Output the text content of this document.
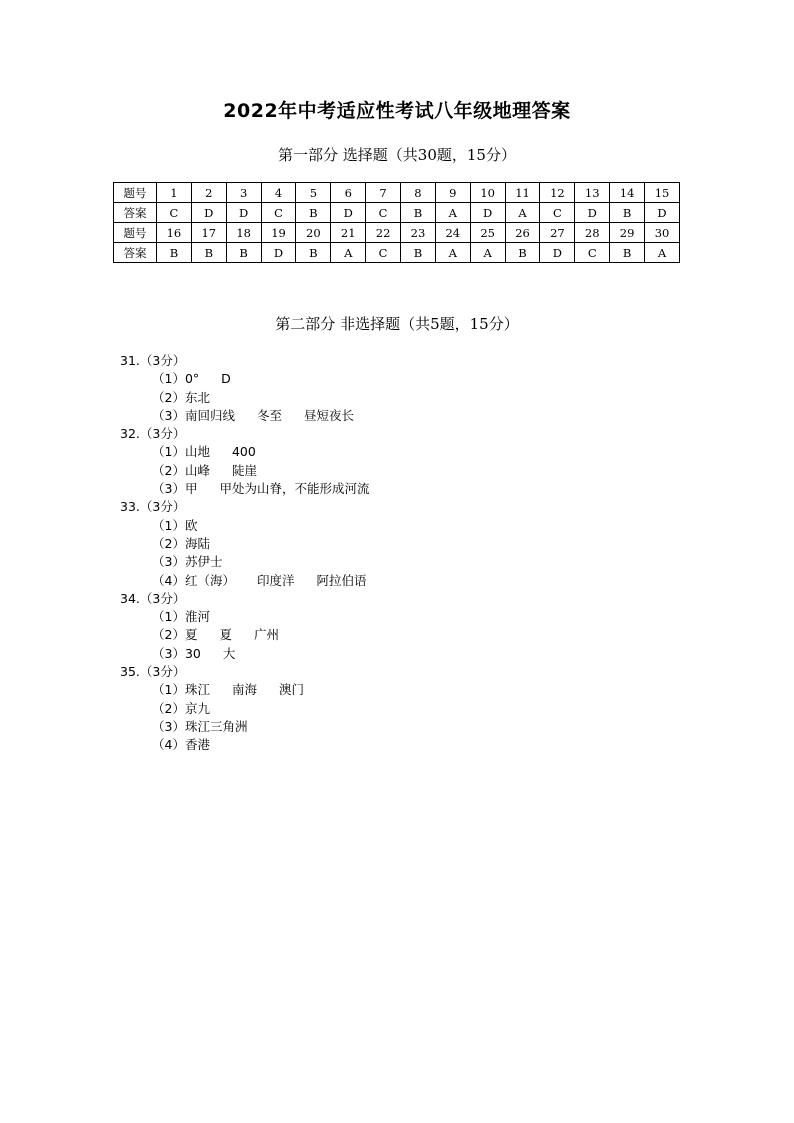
2022年中考适应性考试八年级地理答案
第一部分 选择题（共30题，15分）
题号	1	2	3	4	5	6	7	8	9	10	11	12	13	14	15
答案	C	D	D	C	B	D	C	B	A	D	A	C	D	B	D
题号	16	17	18	19	20	21	22	23	24	25	26	27	28	29	30
答案	B	B	B	D	B	A	C	B	A	A	B	D	C	B	A
第二部分 非选择题（共5题，15分）
31.（3分）
（1）0° D
（2）东北
（3）南回归线 冬至 昼短夜长
32.（3分）
（1）山地 400
（2）山峰 陡崖
（3）甲 甲处为山脊，不能形成河流
33.（3分）
（1）欧
（2）海陆
（3）苏伊士
（4）红（海） 印度洋 阿拉伯语
34.（3分）
（1）淮河
（2）夏 夏 广州
（3）30 大
35.（3分）
（1）珠江 南海 澳门
（2）京九
（3）珠江三角洲
（4）香港
